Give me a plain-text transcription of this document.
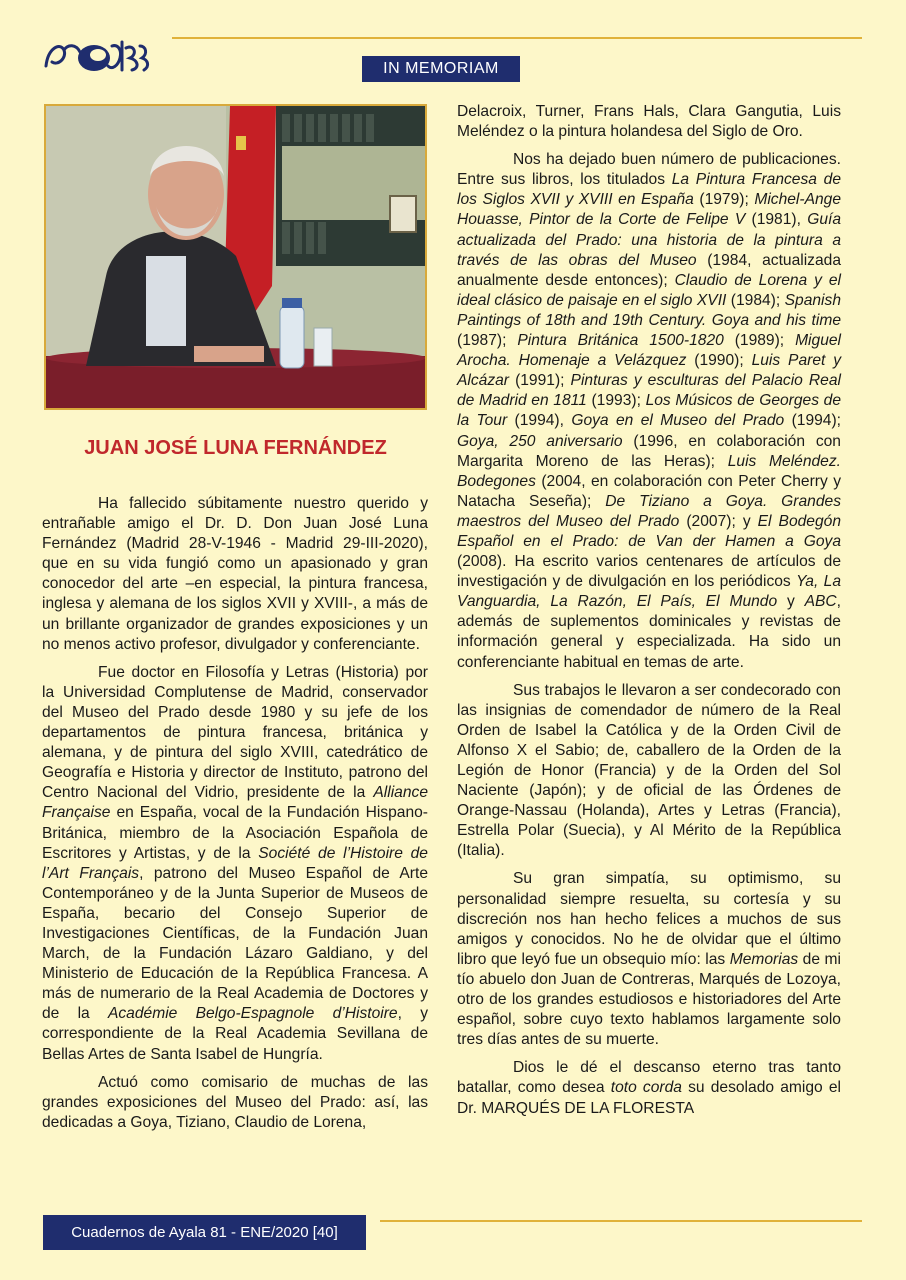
IN MEMORIAM
JUAN JOSÉ LUNA FERNÁNDEZ

Ha fallecido súbitamente nuestro querido y entrañable amigo el Dr. D. Don Juan José Luna Fernández (Madrid 28-V-1946 - Madrid 29-III-2020), que en su vida fungió como un apasionado y gran conocedor del arte –en especial, la pintura francesa, inglesa y alemana de los siglos XVII y XVIII-, a más de un brillante organizador de grandes exposiciones y un no menos activo profesor, divulgador y conferenciante.

Fue doctor en Filosofía y Letras (Historia) por la Universidad Complutense de Madrid, conservador del Museo del Prado desde 1980 y su jefe de los departamentos de pintura francesa, británica y alemana, y de pintura del siglo XVIII, catedrático de Geografía e Historia y director de Instituto, patrono del Centro Nacional del Vidrio, presidente de la Alliance Française en España, vocal de la Fundación Hispano-Británica, miembro de la Asociación Española de Escritores y Artistas, y de la Société de l’Histoire de l’Art Français, patrono del Museo Español de Arte Contemporáneo y de la Junta Superior de Museos de España, becario del Consejo Superior de Investigaciones Científicas, de la Fundación Juan March, de la Fundación Lázaro Galdiano, y del Ministerio de Educación de la República Francesa. A más de numerario de la Real Academia de Doctores y de la Académie Belgo-Espagnole d’Histoire, y correspondiente de la Real Academia Sevillana de Bellas Artes de Santa Isabel de Hungría.

Actuó como comisario de muchas de las grandes exposiciones del Museo del Prado: así, las dedicadas a Goya, Tiziano, Claudio de Lorena,

Delacroix, Turner, Frans Hals, Clara Gangutia, Luis Meléndez o la pintura holandesa del Siglo de Oro.

Nos ha dejado buen número de publicaciones. Entre sus libros, los titulados La Pintura Francesa de los Siglos XVII y XVIII en España (1979); Michel-Ange Houasse, Pintor de la Corte de Felipe V (1981), Guía actualizada del Prado: una historia de la pintura a través de las obras del Museo (1984, actualizada anualmente desde entonces); Claudio de Lorena y el ideal clásico de paisaje en el siglo XVII (1984); Spanish Paintings of 18th and 19th Century. Goya and his time (1987); Pintura Británica 1500-1820 (1989); Miguel Arocha. Homenaje a Velázquez (1990); Luis Paret y Alcázar (1991); Pinturas y esculturas del Palacio Real de Madrid en 1811 (1993); Los Músicos de Georges de la Tour (1994), Goya en el Museo del Prado (1994); Goya, 250 aniversario (1996, en colaboración con Margarita Moreno de las Heras); Luis Meléndez. Bodegones (2004, en colaboración con Peter Cherry y Natacha Seseña); De Tiziano a Goya. Grandes maestros del Museo del Prado (2007); y El Bodegón Español en el Prado: de Van der Hamen a Goya (2008). Ha escrito varios centenares de artículos de investigación y de divulgación en los periódicos Ya, La Vanguardia, La Razón, El País, El Mundo y ABC, además de suplementos dominicales y revistas de información general y especializada. Ha sido un conferenciante habitual en temas de arte.

Sus trabajos le llevaron a ser condecorado con las insignias de comendador de número de la Real Orden de Isabel la Católica y de la Orden Civil de Alfonso X el Sabio; de, caballero de la Orden de la Legión de Honor (Francia) y de la Orden del Sol Naciente (Japón); y de oficial de las Órdenes de Orange-Nassau (Holanda), Artes y Letras (Francia), Estrella Polar (Suecia), y Al Mérito de la República (Italia).

Su gran simpatía, su optimismo, su personalidad siempre resuelta, su cortesía y su discreción nos han hecho felices a muchos de sus amigos y conocidos. No he de olvidar que el último libro que leyó fue un obsequio mío: las Memorias de mi tío abuelo don Juan de Contreras, Marqués de Lozoya, otro de los grandes estudiosos e historiadores del Arte español, sobre cuyo texto hablamos largamente solo tres días antes de su muerte.

Dios le dé el descanso eterno tras tanto batallar, como desea toto corda su desolado amigo el Dr. MARQUÉS DE LA FLORESTA

Cuadernos de Ayala 81 - ENE/2020 [40]
